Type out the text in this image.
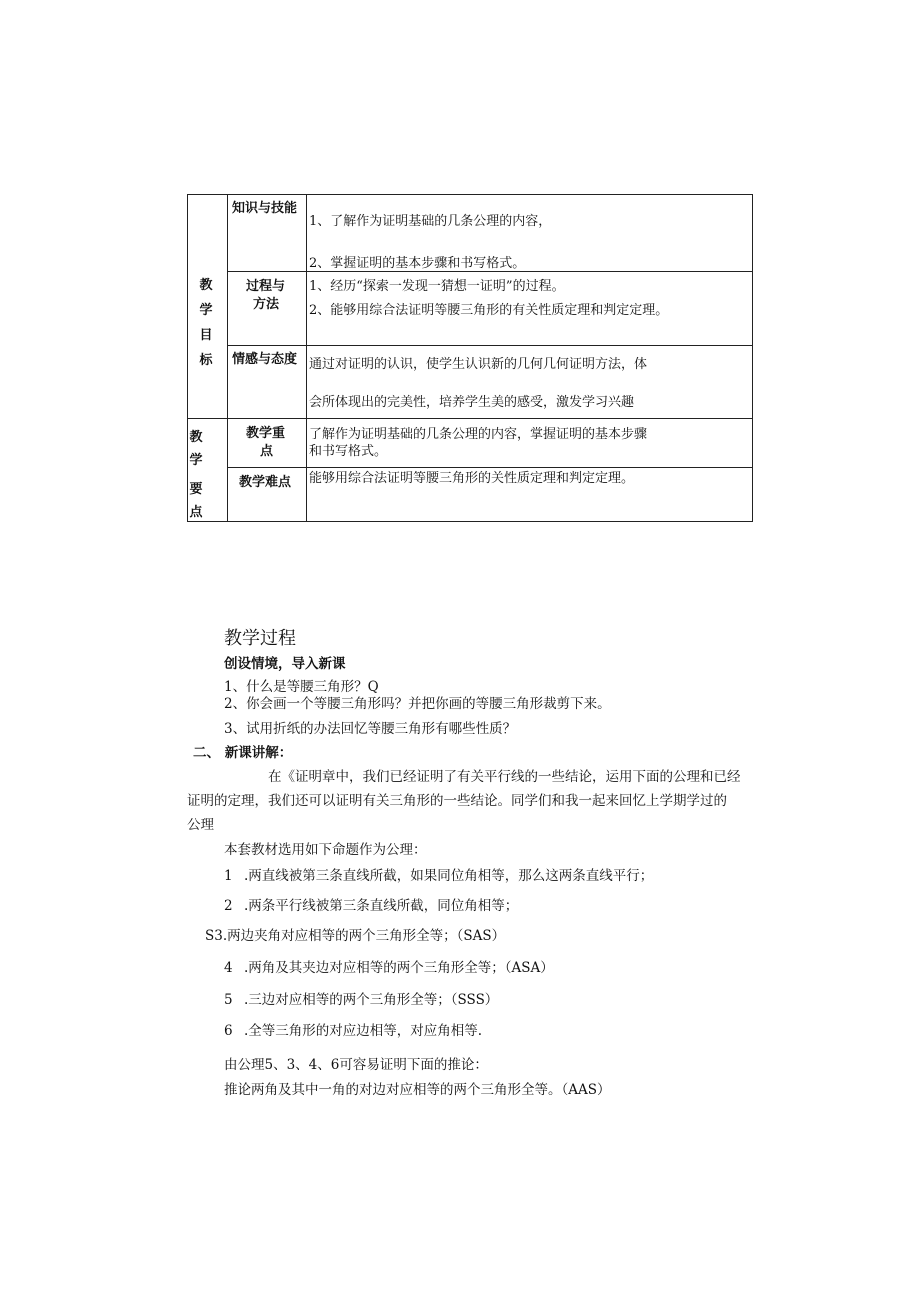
教
学
目
标
教
学
要
点
知识与技能
1、了解作为证明基础的几条公理的内容，
2、掌握证明的基本步骤和书写格式。
过程与
方法
1、经历“探索一发现一猜想一证明”的过程。
2、能够用综合法证明等腰三角形的有关性质定理和判定定理。
情感与态度 通过对证明的认识，使学生认识新的几何几何证明方法，体
会所体现出的完美性，培养学生美的感受，激发学习兴趣
教学重
点
了解作为证明基础的几条公理的内容，掌握证明的基本步骤
和书写格式。
教学难点 能够用综合法证明等腰三角形的关性质定理和判定定理。
教学过程
创设情境，导入新课
1、什么是等腰三角形？Q
2、你会画一个等腰三角形吗？并把你画的等腰三角形裁剪下来。
3、试用折纸的办法回忆等腰三角形有哪些性质？
二、 新课讲解：
在《证明章中，我们已经证明了有关平行线的一些结论，运用下面的公理和已经
证明的定理，我们还可以证明有关三角形的一些结论。同学们和我一起来回忆上学期学过的
公理
本套教材选用如下命题作为公理：
1 .两直线被第三条直线所截，如果同位角相等，那么这两条直线平行；
2 .两条平行线被第三条直线所截，同位角相等；
S3.两边夹角对应相等的两个三角形全等；（SAS）
4 .两角及其夹边对应相等的两个三角形全等；（ASA）
5 .三边对应相等的两个三角形全等；（SSS）
6 .全等三角形的对应边相等，对应角相等.
由公理5、3、4、6可容易证明下面的推论：
推论两角及其中一角的对边对应相等的两个三角形全等。（AAS）
